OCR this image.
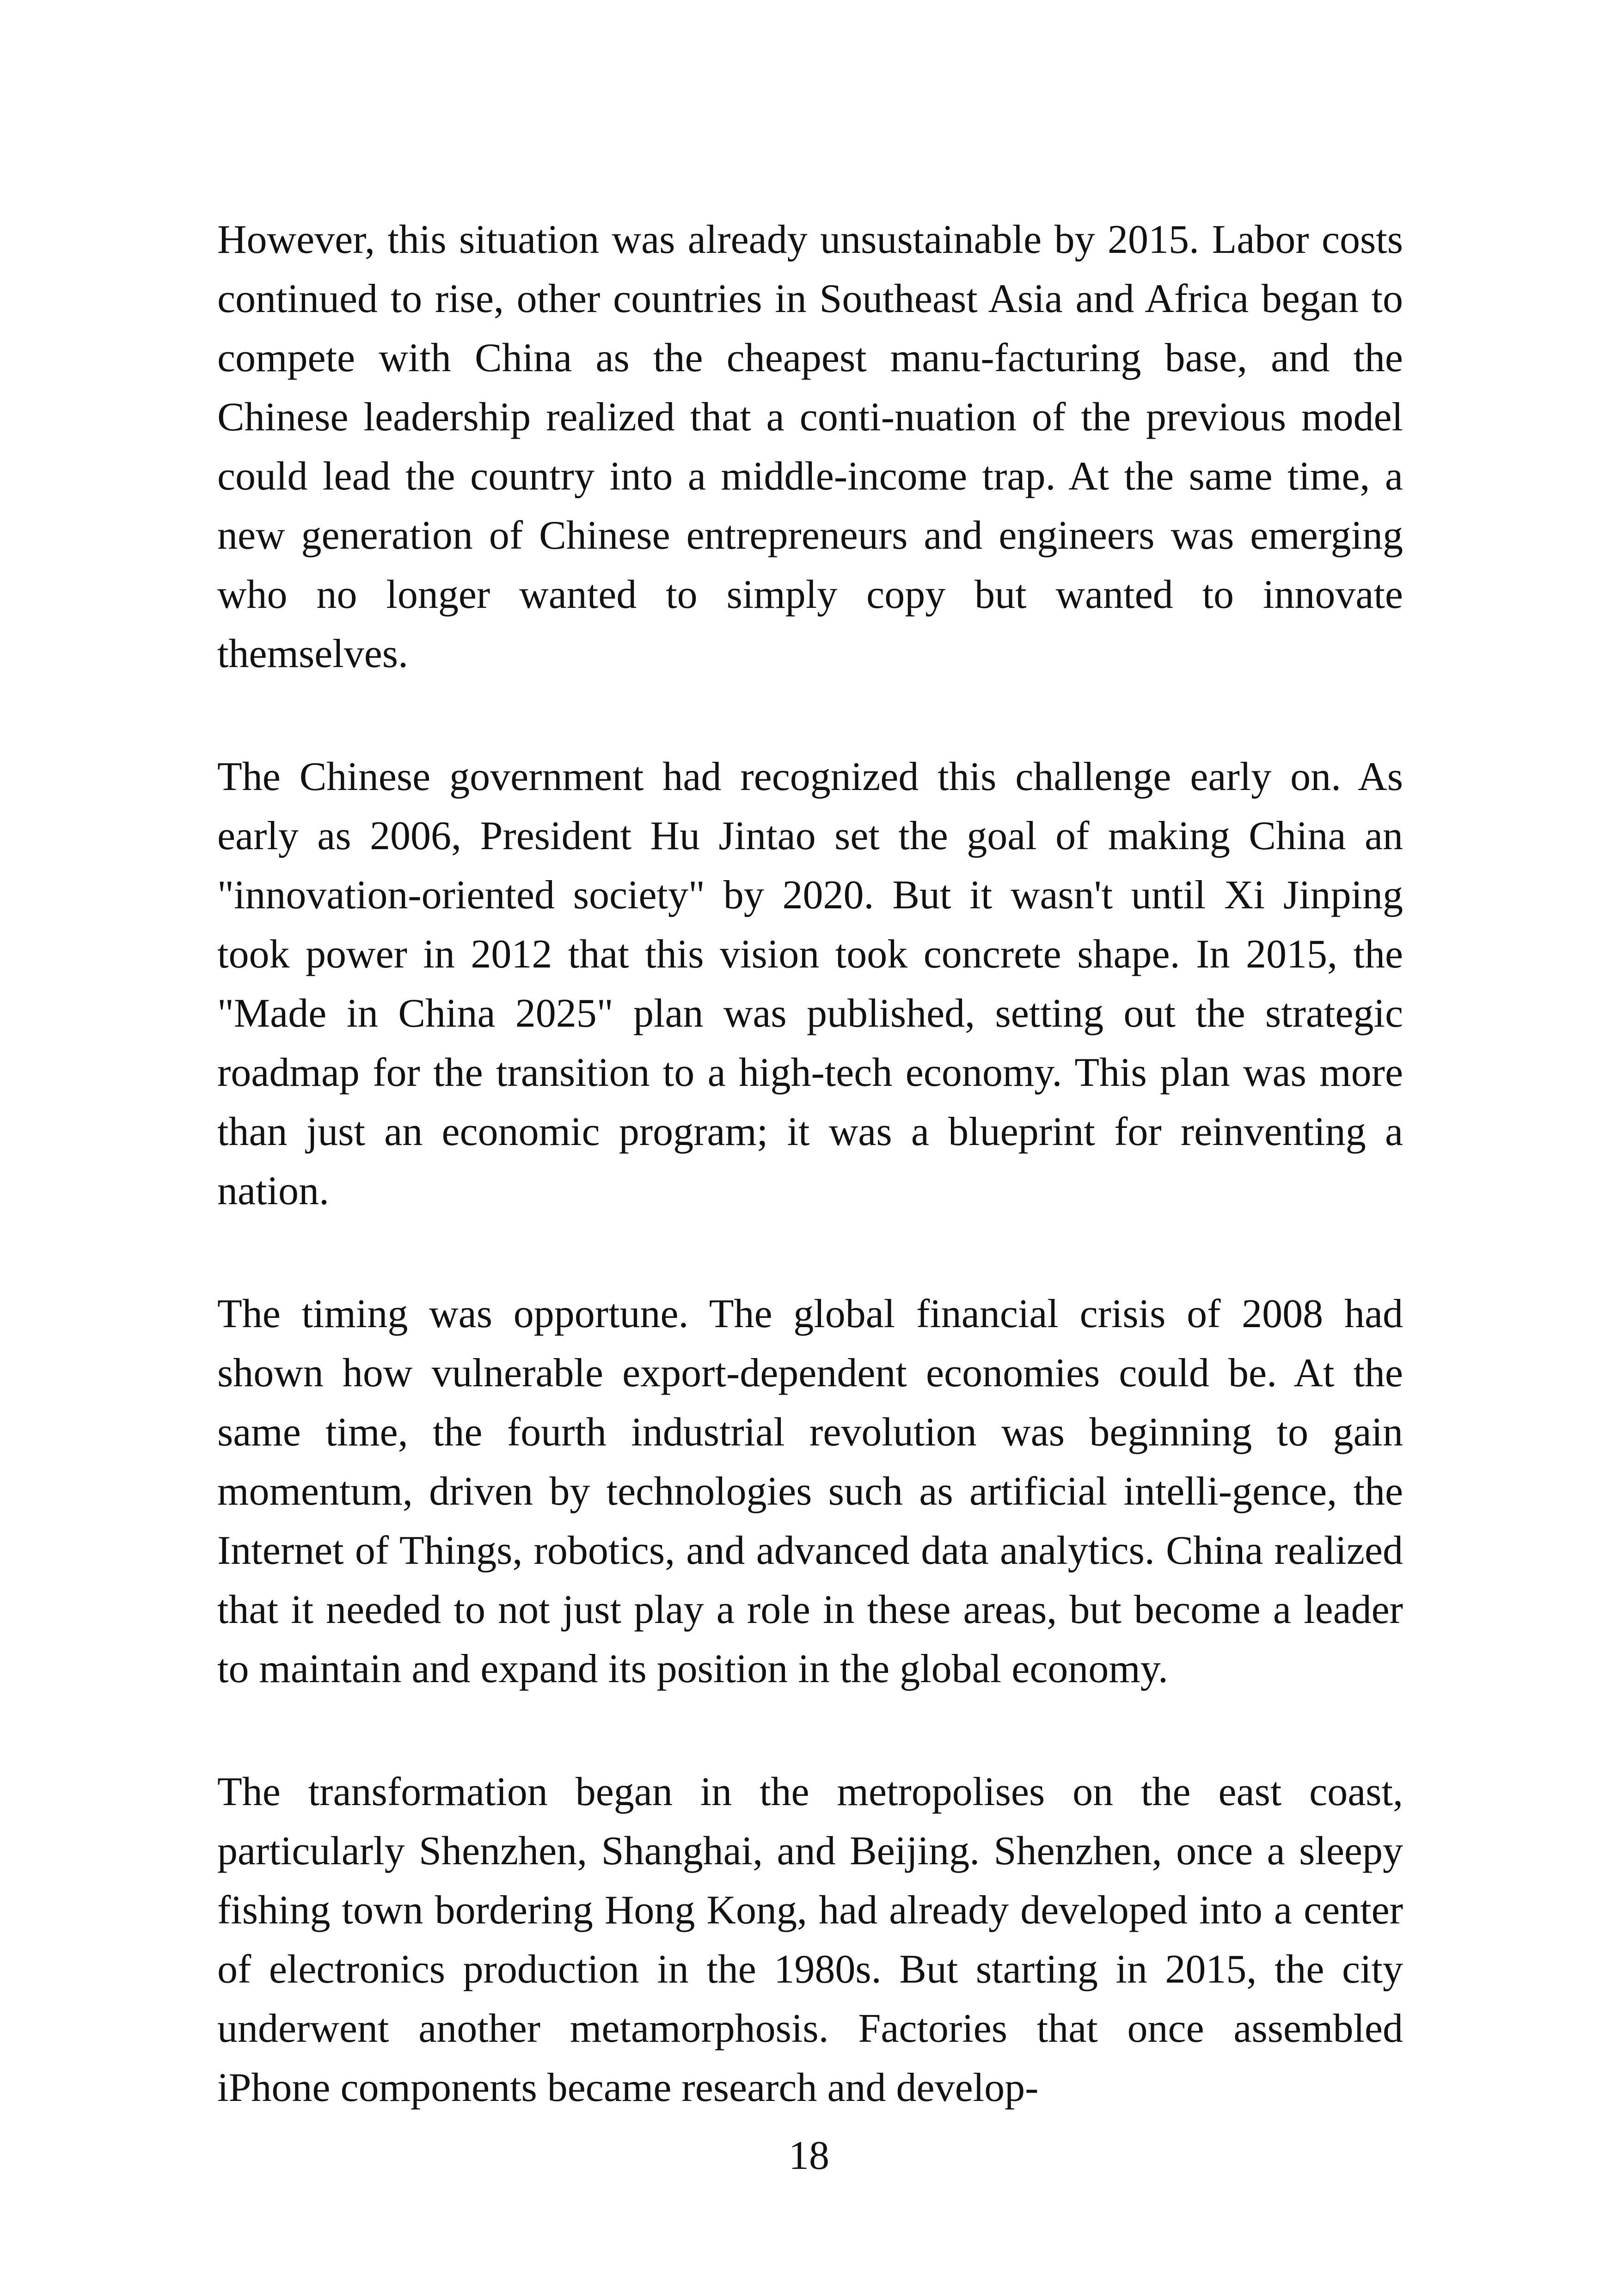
However, this situation was already unsustainable by 2015. Labor costs continued to rise, other countries in Southeast Asia and Africa began to compete with China as the cheapest manu-facturing base, and the Chinese leadership realized that a conti-nuation of the previous model could lead the country into a middle-income trap. At the same time, a new generation of Chinese entrepreneurs and engineers was emerging who no longer wanted to simply copy but wanted to innovate themselves.

The Chinese government had recognized this challenge early on. As early as 2006, President Hu Jintao set the goal of making China an "innovation-oriented society" by 2020. But it wasn't until Xi Jinping took power in 2012 that this vision took concrete shape. In 2015, the "Made in China 2025" plan was published, setting out the strategic roadmap for the transition to a high-tech economy. This plan was more than just an economic program; it was a blueprint for reinventing a nation.

The timing was opportune. The global financial crisis of 2008 had shown how vulnerable export-dependent economies could be. At the same time, the fourth industrial revolution was beginning to gain momentum, driven by technologies such as artificial intelli-gence, the Internet of Things, robotics, and advanced data analytics. China realized that it needed to not just play a role in these areas, but become a leader to maintain and expand its position in the global economy.

The transformation began in the metropolises on the east coast, particularly Shenzhen, Shanghai, and Beijing. Shenzhen, once a sleepy fishing town bordering Hong Kong, had already developed into a center of electronics production in the 1980s. But starting in 2015, the city underwent another metamorphosis. Factories that once assembled iPhone components became research and develop-

18
